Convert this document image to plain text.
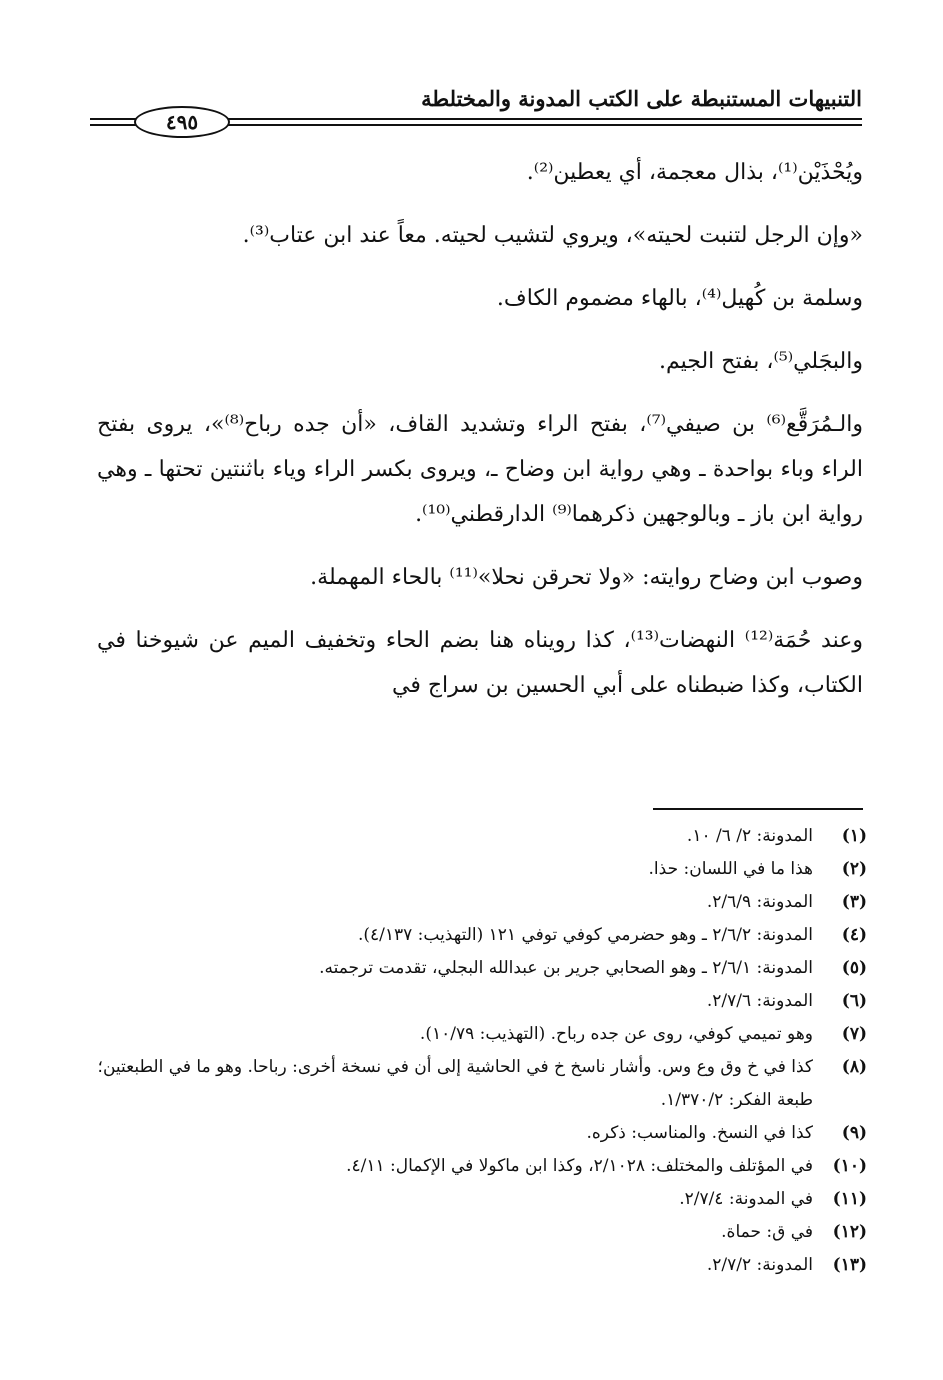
التنبيهات المستنبطة على الكتب المدونة والمختلطة
٤٩٥

ويُحْذَيْن⁽¹⁾، بذال معجمة، أي يعطين⁽²⁾.

«وإن الرجل لتنبت لحيته»، ويروي لتشيب لحيته. معاً عند ابن عتاب⁽³⁾.

وسلمة بن كُهيل⁽⁴⁾، بالهاء مضموم الكاف.

والبجَلي⁽⁵⁾، بفتح الجيم.

والـمُرَقَّع⁽⁶⁾ بن صيفي⁽⁷⁾، بفتح الراء وتشديد القاف، «أن جده رباح⁽⁸⁾»، يروى بفتح الراء وباء بواحدة ـ وهي رواية ابن وضاح ـ، ويروى بكسر الراء وياء باثنتين تحتها ـ وهي رواية ابن باز ـ وبالوجهين ذكرهما⁽⁹⁾ الدارقطني⁽¹⁰⁾.

وصوب ابن وضاح روايته: «ولا تحرقن نحلا»⁽¹¹⁾ بالحاء المهملة.

وعند حُمَة⁽¹²⁾ النهضات⁽¹³⁾، كذا رويناه هنا بضم الحاء وتخفيف الميم عن شيوخنا في الكتاب، وكذا ضبطناه على أبي الحسين بن سراج في

(١)
المدونة: ٢/ ٦/ ١٠.
(٢)
هذا ما في اللسان: حذا.
(٣)
المدونة: ٢/٦/٩.
(٤)
المدونة: ٢/٦/٢ ـ وهو حضرمي كوفي توفي ١٢١ (التهذيب: ٤/١٣٧).
(٥)
المدونة: ٢/٦/١ ـ وهو الصحابي جرير بن عبدالله البجلي، تقدمت ترجمته.
(٦)
المدونة: ٢/٧/٦.
(٧)
وهو تميمي كوفي، روى عن جده رباح. (التهذيب: ١٠/٧٩).
(٨)
كذا في خ وق وع وس. وأشار ناسخ خ في الحاشية إلى أن في نسخة أخرى: رباحا. وهو ما في الطبعتين؛ طبعة الفكر: ١/٣٧٠/٢.
(٩)
كذا في النسخ. والمناسب: ذكره.
(١٠)
في المؤتلف والمختلف: ٢/١٠٢٨، وكذا ابن ماكولا في الإكمال: ٤/١١.
(١١)
في المدونة: ٢/٧/٤.
(١٢)
في ق: حماة.
(١٣)
المدونة: ٢/٧/٢.
